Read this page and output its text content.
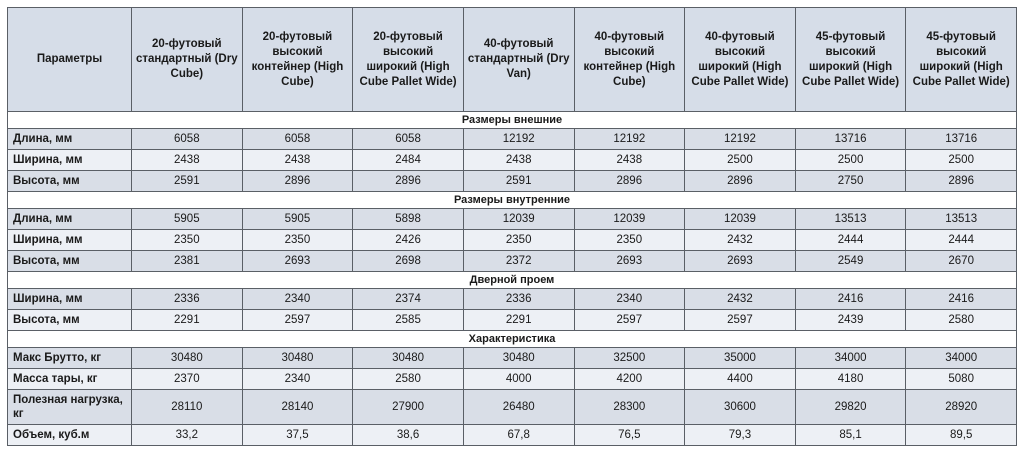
Параметры	20-футовый стандартный (Dry Cube)	20-футовый высокий контейнер (High Cube)	20-футовый высокий широкий (High Cube Pallet Wide)	40-футовый стандартный (Dry Van)	40-футовый высокий контейнер (High Cube)	40-футовый высокий широкий (High Cube Pallet Wide)	45-футовый высокий широкий (High Cube Pallet Wide)	45-футовый высокий широкий (High Cube Pallet Wide)
Размеры внешние								
Длина, мм	6058	6058	6058	12192	12192	12192	13716	13716
Ширина, мм	2438	2438	2484	2438	2438	2500	2500	2500
Высота, мм	2591	2896	2896	2591	2896	2896	2750	2896
Размеры внутренние								
Длина, мм	5905	5905	5898	12039	12039	12039	13513	13513
Ширина, мм	2350	2350	2426	2350	2350	2432	2444	2444
Высота, мм	2381	2693	2698	2372	2693	2693	2549	2670
Дверной проем								
Ширина, мм	2336	2340	2374	2336	2340	2432	2416	2416
Высота, мм	2291	2597	2585	2291	2597	2597	2439	2580
Характеристика								
Макс Брутто, кг	30480	30480	30480	30480	32500	35000	34000	34000
Масса тары, кг	2370	2340	2580	4000	4200	4400	4180	5080
Полезная нагрузка, кг	28110	28140	27900	26480	28300	30600	29820	28920
Объем, куб.м	33,2	37,5	38,6	67,8	76,5	79,3	85,1	89,5
